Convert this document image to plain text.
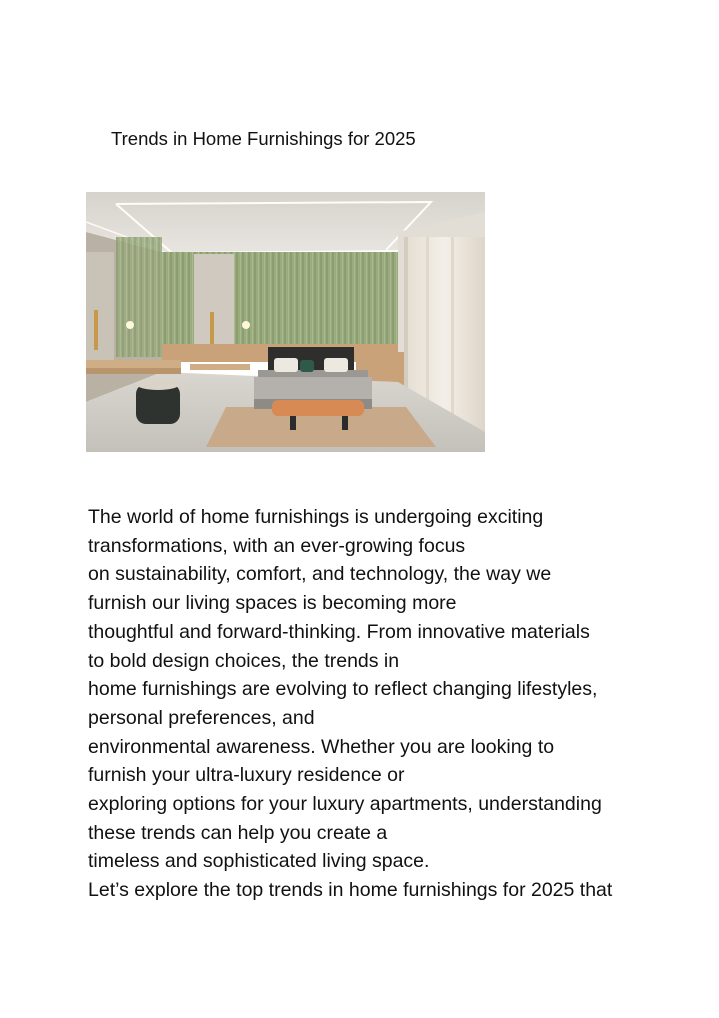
Trends in Home Furnishings for 2025
The world of home furnishings is undergoing exciting
transformations, with an ever-growing focus
on sustainability, comfort, and technology, the way we
furnish our living spaces is becoming more
thoughtful and forward-thinking. From innovative materials
to bold design choices, the trends in
home furnishings are evolving to reflect changing lifestyles,
personal preferences, and
environmental awareness. Whether you are looking to
furnish your ultra-luxury residence or
exploring options for your luxury apartments, understanding
these trends can help you create a
timeless and sophisticated living space.
Let’s explore the top trends in home furnishings for 2025 that
